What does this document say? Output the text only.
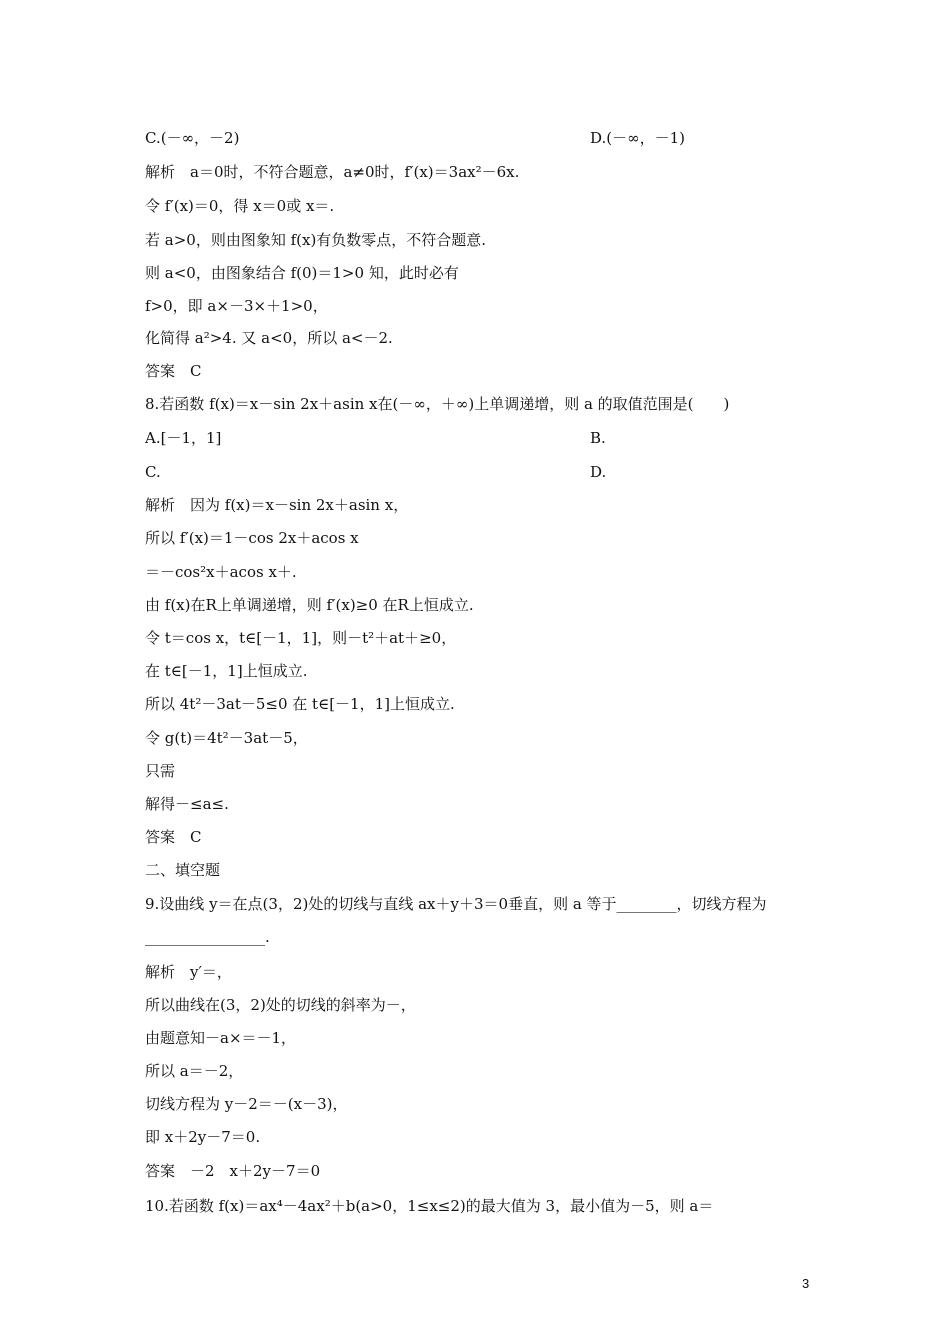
C.(－∞，－2)	D.(－∞，－1)
解析　a＝0时，不符合题意，a≠0时，f′(x)＝3ax²－6x.
令 f′(x)＝0，得 x＝0或 x＝.
若 a>0，则由图象知 f(x)有负数零点，不符合题意.
则 a<0，由图象结合 f(0)＝1>0 知，此时必有
f>0，即 a×－3×＋1>0，
化简得 a²>4. 又 a<0，所以 a<－2.
答案　C
8.若函数 f(x)＝x－sin 2x＋asin x在(－∞，＋∞)上单调递增，则 a 的取值范围是(　　)
A.[－1，1]	B.
C.	D.
解析　因为 f(x)＝x－sin 2x＋asin x，
所以 f′(x)＝1－cos 2x＋acos x
＝－cos²x＋acos x＋.
由 f(x)在R上单调递增，则 f′(x)≥0 在R上恒成立.
令 t＝cos x，t∈[－1，1]，则－t²＋at＋≥0，
在 t∈[－1，1]上恒成立.
所以 4t²－3at－5≤0 在 t∈[－1，1]上恒成立.
令 g(t)＝4t²－3at－5，
只需
解得－≤a≤.
答案　C
二、填空题
9.设曲线 y＝在点(3，2)处的切线与直线 ax＋y＋3＝0垂直，则 a 等于________，切线方程为
________________.
解析　y′＝，
所以曲线在(3，2)处的切线的斜率为－，
由题意知－a×＝－1，
所以 a＝－2，
切线方程为 y－2＝－(x－3)，
即 x＋2y－7＝0.
答案　－2　x＋2y－7＝0
10.若函数 f(x)＝ax⁴－4ax²＋b(a>0，1≤x≤2)的最大值为 3，最小值为－5，则 a＝
3
